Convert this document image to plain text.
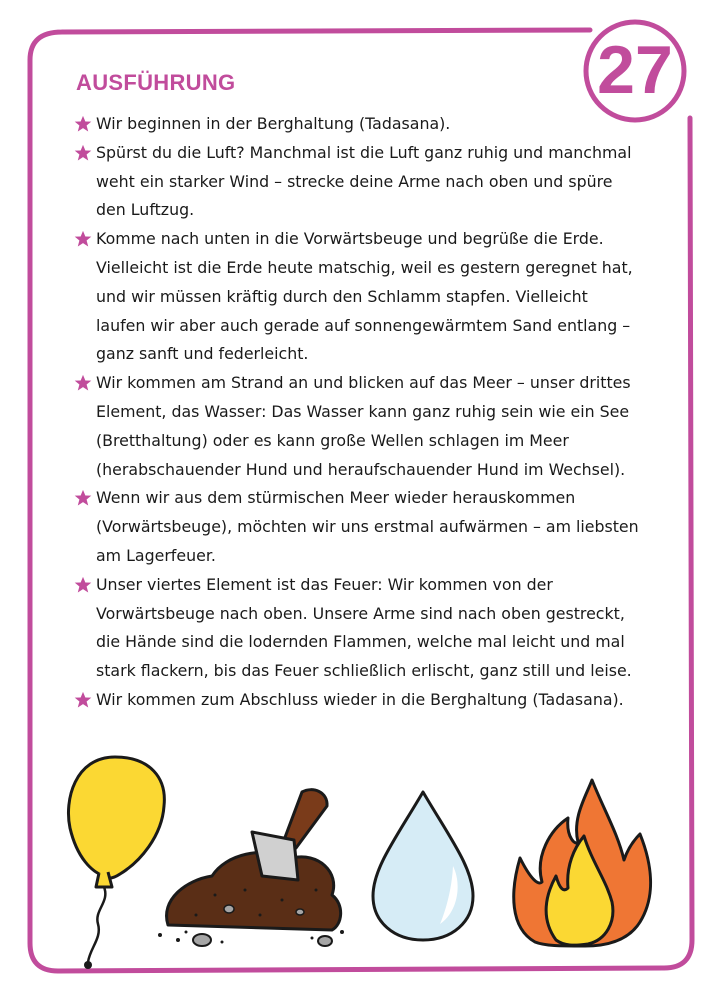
AUSFÜHRUNG	27
Wir beginnen in der Berghaltung (Tadasana).
Spürst du die Luft? Manchmal ist die Luft ganz ruhig und manchmal weht ein starker Wind – strecke deine Arme nach oben und spüre den Luftzug.
Komme nach unten in die Vorwärtsbeuge und begrüße die Erde. Vielleicht ist die Erde heute matschig, weil es gestern geregnet hat, und wir müssen kräftig durch den Schlamm stapfen. Vielleicht laufen wir aber auch gerade auf sonnengewärmtem Sand entlang – ganz sanft und federleicht.
Wir kommen am Strand an und blicken auf das Meer – unser drittes Element, das Wasser: Das Wasser kann ganz ruhig sein wie ein See (Bretthaltung) oder es kann große Wellen schlagen im Meer (herabschauender Hund und heraufschauender Hund im Wechsel).
Wenn wir aus dem stürmischen Meer wieder herauskommen (Vorwärtsbeuge), möchten wir uns erstmal aufwärmen – am liebsten am Lagerfeuer.
Unser viertes Element ist das Feuer: Wir kommen von der Vorwärtsbeuge nach oben. Unsere Arme sind nach oben gestreckt, die Hände sind die lodernden Flammen, welche mal leicht und mal stark flackern, bis das Feuer schließlich erlischt, ganz still und leise.
Wir kommen zum Abschluss wieder in die Berghaltung (Tadasana).
